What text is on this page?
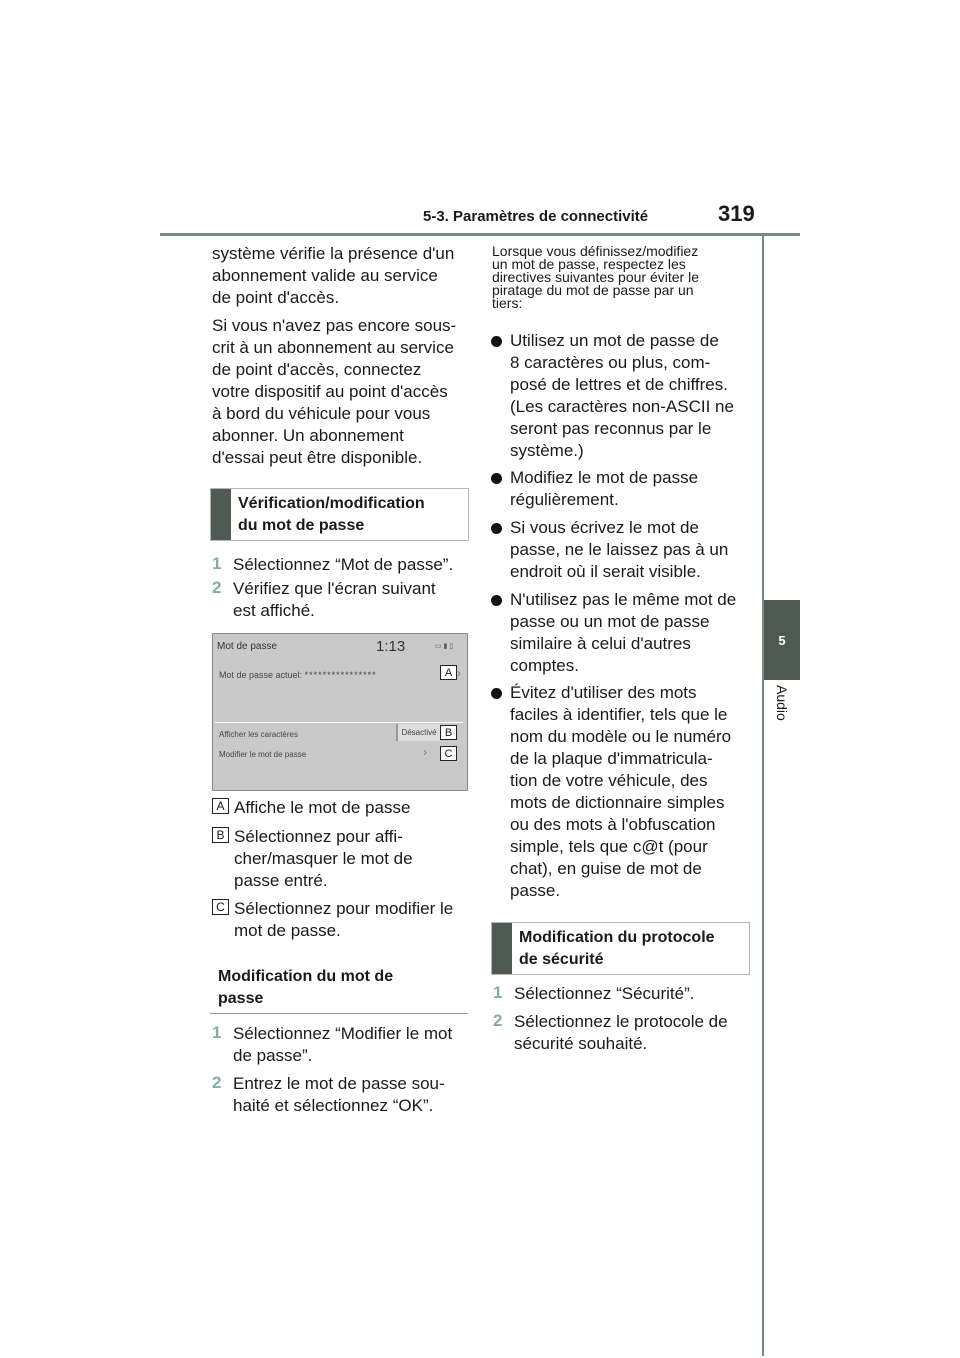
5-3. Paramètres de connectivité	319
5
Audio
système vérifie la présence d'un
abonnement valide au service
de point d'accès.
Si vous n'avez pas encore sous-
crit à un abonnement au service
de point d'accès, connectez
votre dispositif au point d'accès
à bord du véhicule pour vous
abonner. Un abonnement
d'essai peut être disponible.
Vérification/modification
du mot de passe
1 Sélectionnez “Mot de passe”.
2 Vérifiez que l'écran suivant
est affiché.
Mot de passe	1:13	▭ ▮ ▯
Mot de passe actuel: ****************	›
Afficher les caractères	Désactivé
Modifier le mot de passe	›
A
B
C
A Affiche le mot de passe
B Sélectionnez pour affi-
cher/masquer le mot de
passe entré.
C Sélectionnez pour modifier le
mot de passe.
Modification du mot de
passe
1 Sélectionnez “Modifier le mot
de passe”.
2 Entrez le mot de passe sou-
haité et sélectionnez “OK”.
Lorsque vous définissez/modifiez
un mot de passe, respectez les
directives suivantes pour éviter le
piratage du mot de passe par un
tiers:
Utilisez un mot de passe de
8 caractères ou plus, com-
posé de lettres et de chiffres.
(Les caractères non-ASCII ne
seront pas reconnus par le
système.)
Modifiez le mot de passe
régulièrement.
Si vous écrivez le mot de
passe, ne le laissez pas à un
endroit où il serait visible.
N'utilisez pas le même mot de
passe ou un mot de passe
similaire à celui d'autres
comptes.
Évitez d'utiliser des mots
faciles à identifier, tels que le
nom du modèle ou le numéro
de la plaque d'immatricula-
tion de votre véhicule, des
mots de dictionnaire simples
ou des mots à l'obfuscation
simple, tels que c@t (pour
chat), en guise de mot de
passe.
Modification du protocole
de sécurité
1 Sélectionnez “Sécurité”.
2 Sélectionnez le protocole de
sécurité souhaité.
